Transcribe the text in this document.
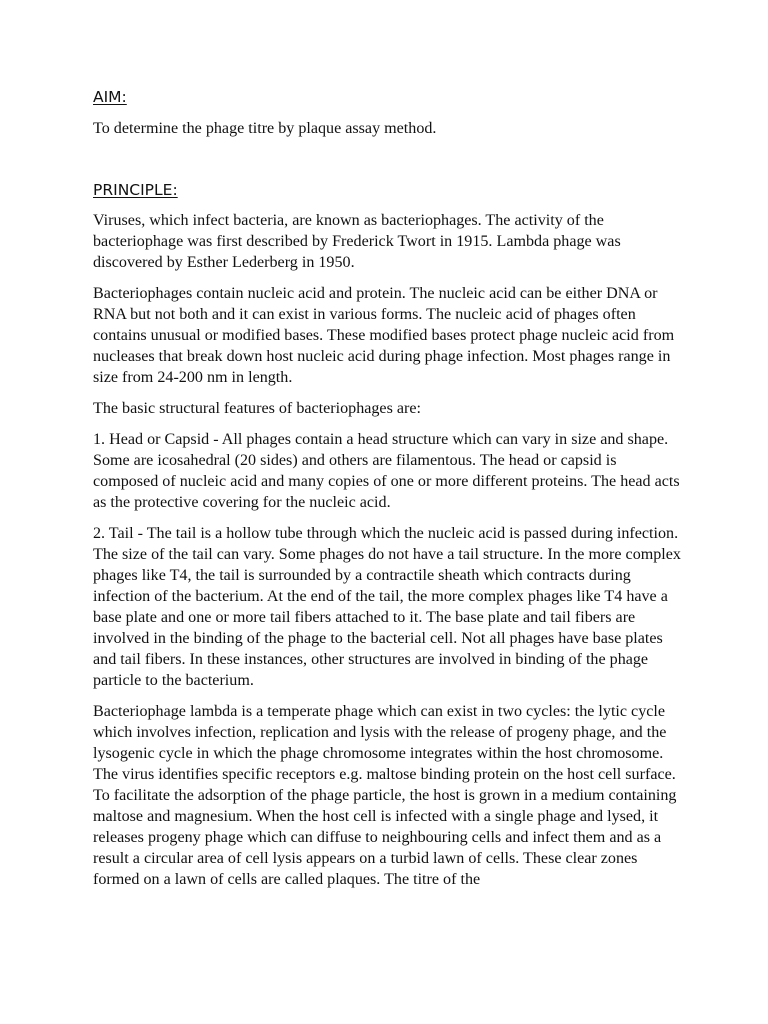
AIM:

To determine the phage titre by plaque assay method.

PRINCIPLE:

Viruses, which infect bacteria, are known as bacteriophages. The activity of the bacteriophage was first described by Frederick Twort in 1915. Lambda phage was discovered by Esther Lederberg in 1950.

Bacteriophages contain nucleic acid and protein. The nucleic acid can be either DNA or RNA but not both and it can exist in various forms. The nucleic acid of phages often contains unusual or modified bases. These modified bases protect phage nucleic acid from nucleases that break down host nucleic acid during phage infection. Most phages range in size from 24-200 nm in length.

The basic structural features of bacteriophages are:

1. Head or Capsid - All phages contain a head structure which can vary in size and shape. Some are icosahedral (20 sides) and others are filamentous. The head or capsid is composed of nucleic acid and many copies of one or more different proteins. The head acts as the protective covering for the nucleic acid.

2. Tail - The tail is a hollow tube through which the nucleic acid is passed during infection. The size of the tail can vary. Some phages do not have a tail structure. In the more complex phages like T4, the tail is surrounded by a contractile sheath which contracts during infection of the bacterium. At the end of the tail, the more complex phages like T4 have a base plate and one or more tail fibers attached to it. The base plate and tail fibers are involved in the binding of the phage to the bacterial cell. Not all phages have base plates and tail fibers. In these instances, other structures are involved in binding of the phage particle to the bacterium.

Bacteriophage lambda is a temperate phage which can exist in two cycles: the lytic cycle which involves infection, replication and lysis with the release of progeny phage, and the lysogenic cycle in which the phage chromosome integrates within the host chromosome. The virus identifies specific receptors e.g. maltose binding protein on the host cell surface. To facilitate the adsorption of the phage particle, the host is grown in a medium containing maltose and magnesium. When the host cell is infected with a single phage and lysed, it releases progeny phage which can diffuse to neighbouring cells and infect them and as a result a circular area of cell lysis appears on a turbid lawn of cells. These clear zones formed on a lawn of cells are called plaques. The titre of the
